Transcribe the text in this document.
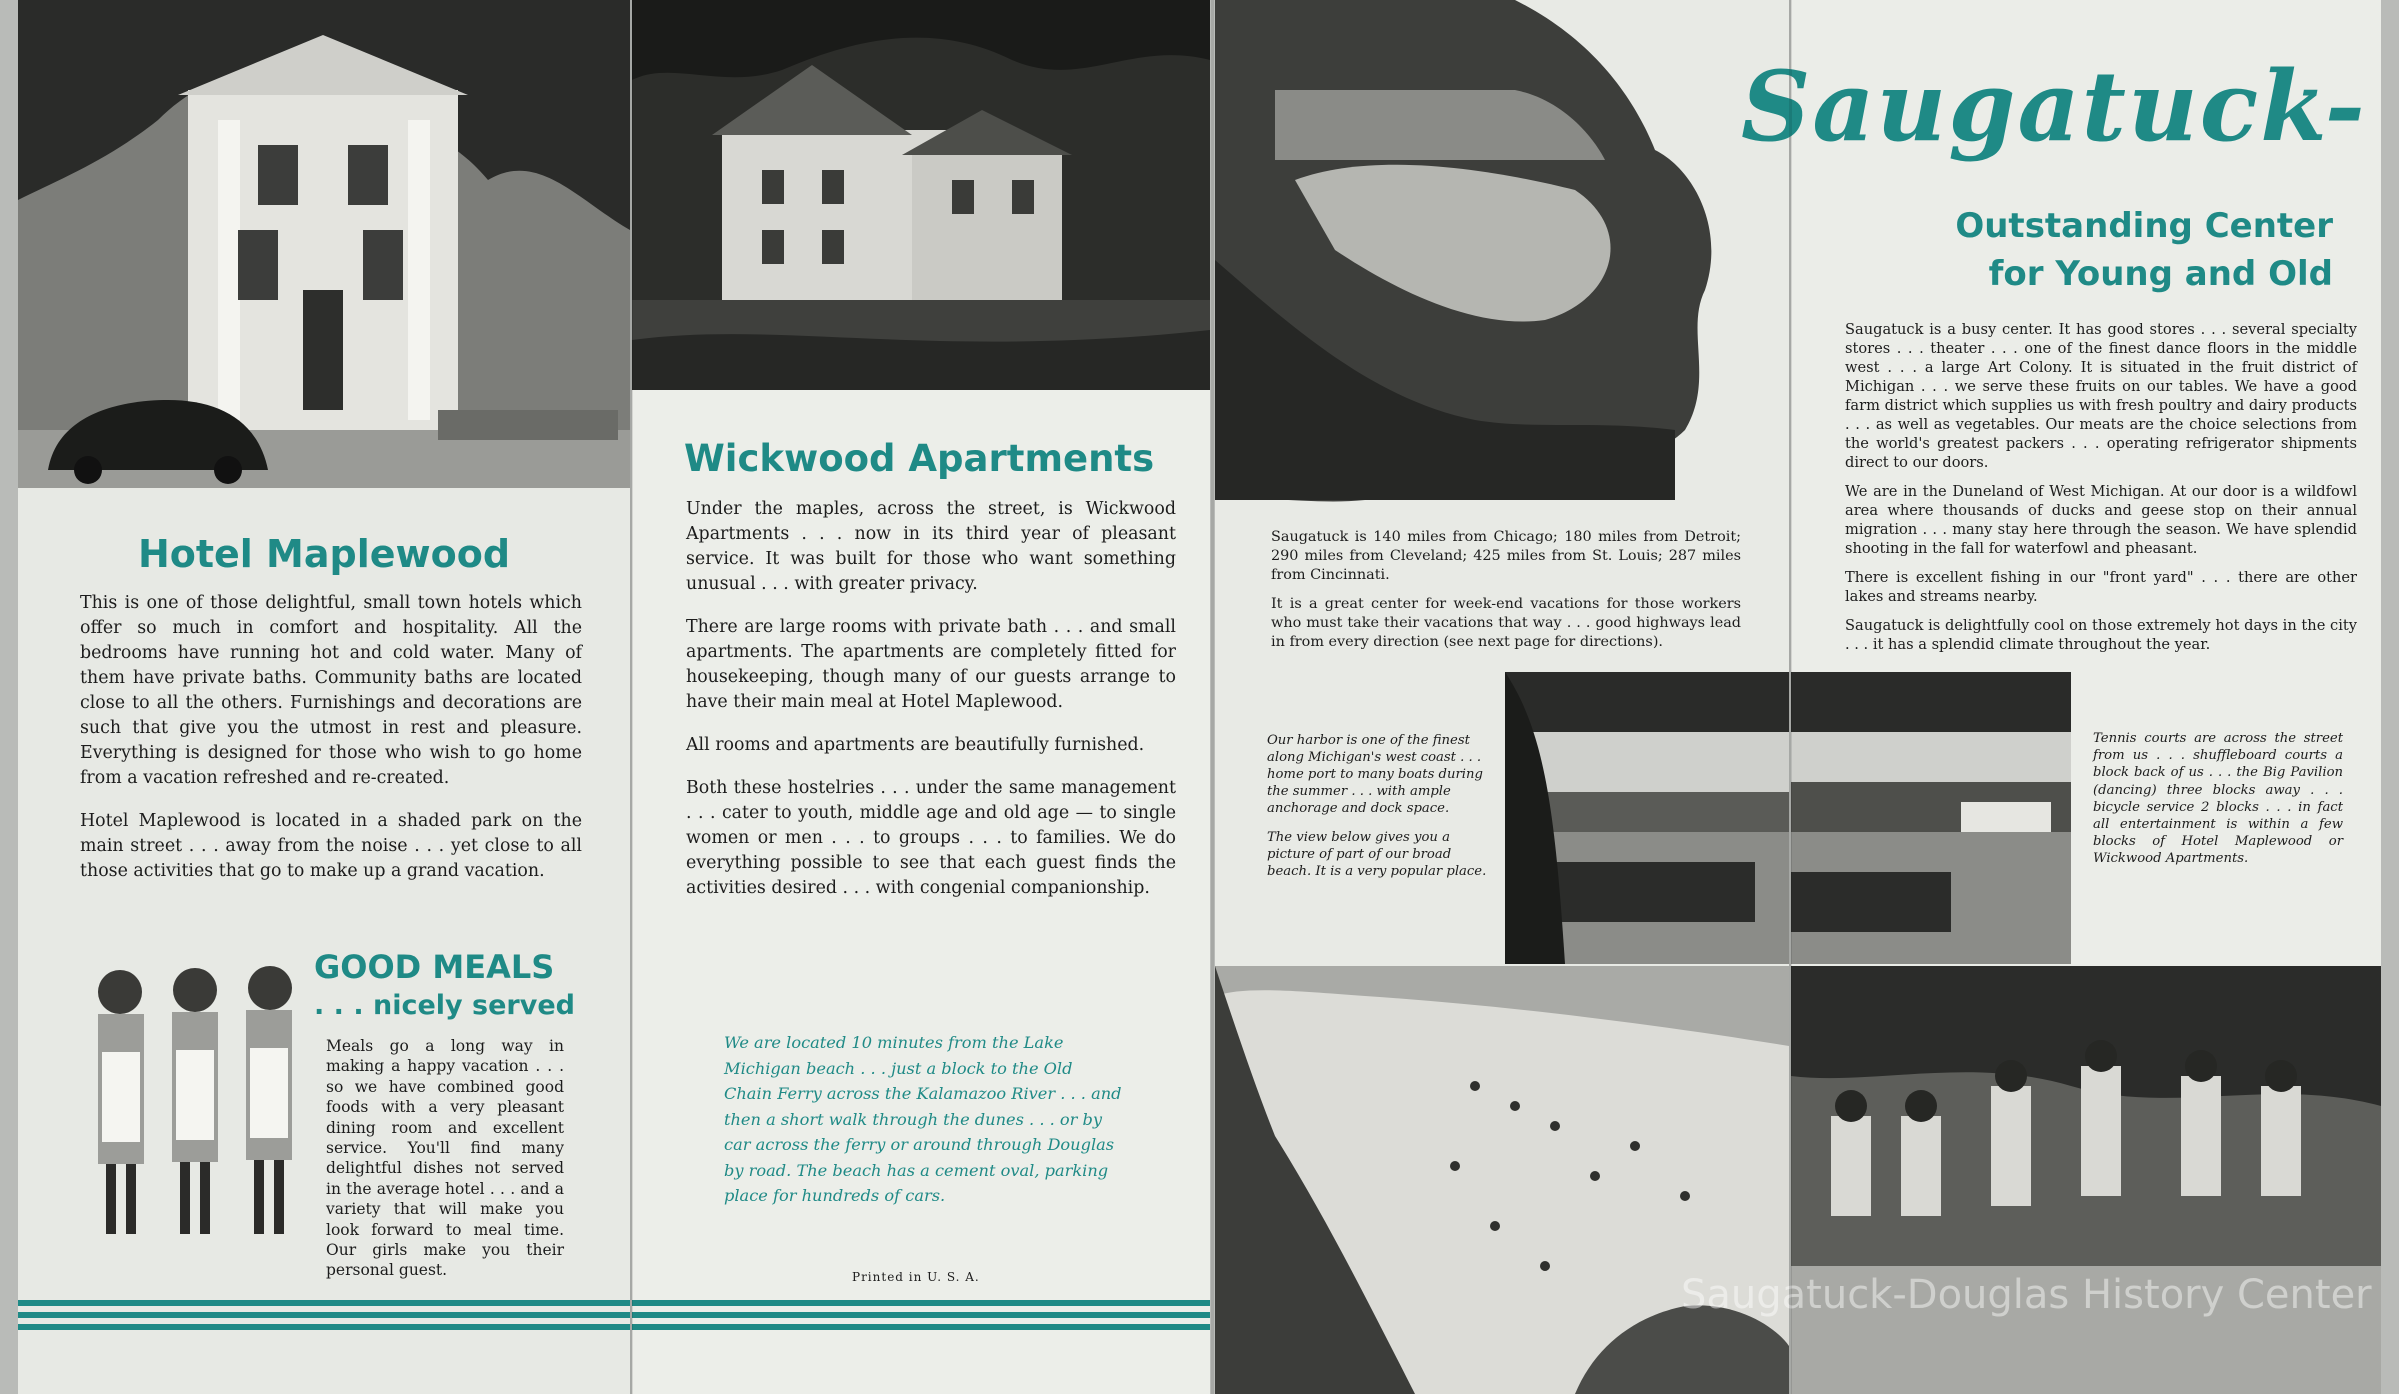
Hotel Maplewood

This is one of those delightful, small town hotels which offer so much in comfort and hospitality. All the bedrooms have running hot and cold water. Many of them have private baths. Community baths are located close to all the others. Furnishings and decorations are such that give you the utmost in rest and pleasure. Everything is designed for those who wish to go home from a vacation refreshed and re-created.

Hotel Maplewood is located in a shaded park on the main street . . . away from the noise . . . yet close to all those activities that go to make up a grand vacation.

GOOD MEALS
. . . nicely served
Meals go a long way in making a happy vacation . . . so we have combined good foods with a very pleasant dining room and excellent service. You'll find many delightful dishes not served in the average hotel . . . and a variety that will make you look forward to meal time. Our girls make you their personal guest.
Wickwood Apartments

Under the maples, across the street, is Wickwood Apartments . . . now in its third year of pleasant service. It was built for those who want something unusual . . . with greater privacy.

There are large rooms with private bath . . . and small apartments. The apartments are completely fitted for housekeeping, though many of our guests arrange to have their main meal at Hotel Maplewood.

All rooms and apartments are beautifully furnished.

Both these hostelries . . . under the same management . . . cater to youth, middle age and old age — to single women or men . . . to groups . . . to families. We do everything possible to see that each guest finds the activities desired . . . with congenial companionship.

We are located 10 minutes from the Lake Michigan beach . . . just a block to the Old Chain Ferry across the Kalamazoo River . . . and then a short walk through the dunes . . . or by car across the ferry or around through Douglas by road. The beach has a cement oval, parking place for hundreds of cars.
Printed in U. S. A.

Saugatuck is 140 miles from Chicago; 180 miles from Detroit; 290 miles from Cleveland; 425 miles from St. Louis; 287 miles from Cincinnati.

It is a great center for week-end vacations for those workers who must take their vacations that way . . . good highways lead in from every direction (see next page for directions).

Our harbor is one of the finest along Michigan's west coast . . . home port to many boats during the summer . . . with ample anchorage and dock space.

The view below gives you a picture of part of our broad beach. It is a very popular place.

Saugatuck-
Outstanding Center
for Young and Old

Saugatuck is a busy center. It has good stores . . . several specialty stores . . . theater . . . one of the finest dance floors in the middle west . . . a large Art Colony. It is situated in the fruit district of Michigan . . . we serve these fruits on our tables. We have a good farm district which supplies us with fresh poultry and dairy products . . . as well as vegetables. Our meats are the choice selections from the world's greatest packers . . . operating refrigerator shipments direct to our doors.

We are in the Duneland of West Michigan. At our door is a wildfowl area where thousands of ducks and geese stop on their annual migration . . . many stay here through the season. We have splendid shooting in the fall for waterfowl and pheasant.

There is excellent fishing in our "front yard" . . . there are other lakes and streams nearby.

Saugatuck is delightfully cool on those extremely hot days in the city . . . it has a splendid climate throughout the year.

Tennis courts are across the street from us . . . shuffleboard courts a block back of us . . . the Big Pavilion (dancing) three blocks away . . . bicycle service 2 blocks . . . in fact all entertainment is within a few blocks of Hotel Maplewood or Wickwood Apartments.
Saugatuck-Douglas History Center
